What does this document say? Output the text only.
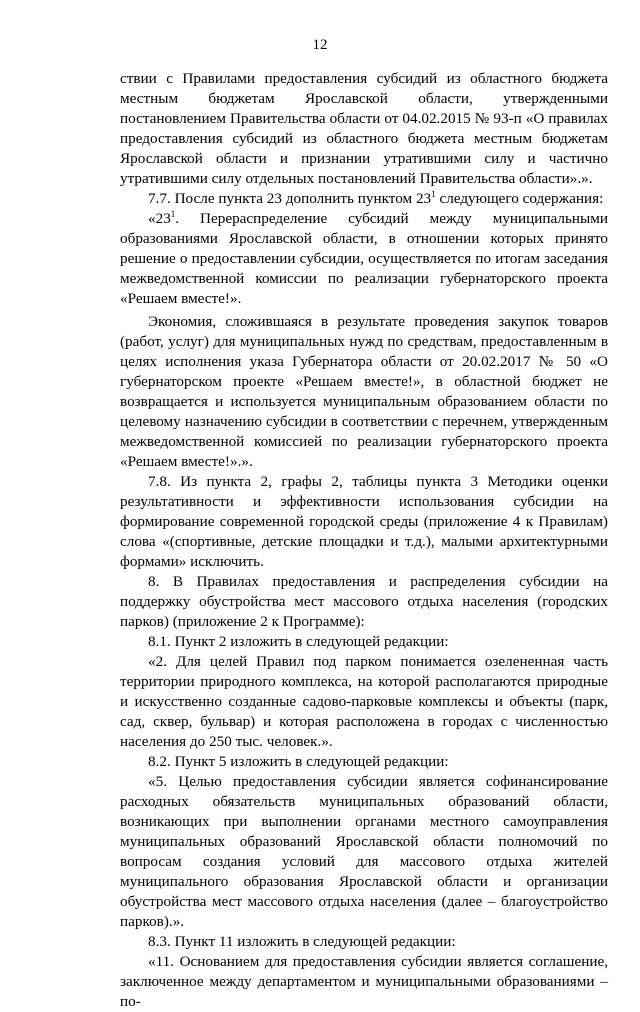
12

ствии с Правилами предоставления субсидий из областного бюджета местным бюджетам Ярославской области, утвержденными постановлением Правительства области от 04.02.2015 № 93-п «О правилах предоставления субсидий из областного бюджета местным бюджетам Ярославской области и признании утратившими силу и частично утратившими силу отдельных постановлений Правительства области».».

7.7. После пункта 23 дополнить пунктом $23^1$ следующего содержания:

«$23^1$. Перераспределение субсидий между муниципальными образованиями Ярославской области, в отношении которых принято решение о предоставлении субсидии, осуществляется по итогам заседания межведомственной комиссии по реализации губернаторского проекта «Решаем вместе!».

Экономия, сложившаяся в результате проведения закупок товаров (работ, услуг) для муниципальных нужд по средствам, предоставленным в целях исполнения указа Губернатора области от 20.02.2017 № 50 «О губернаторском проекте «Решаем вместе!», в областной бюджет не возвращается и используется муниципальным образованием области по целевому назначению субсидии в соответствии с перечнем, утвержденным межведомственной комиссией по реализации губернаторского проекта «Решаем вместе!».».

7.8. Из пункта 2, графы 2, таблицы пункта 3 Методики оценки результативности и эффективности использования субсидии на формирование современной городской среды (приложение 4 к Правилам) слова «(спортивные, детские площадки и т.д.), малыми архитектурными формами» исключить.

8. В Правилах предоставления и распределения субсидии на поддержку обустройства мест массового отдыха населения (городских парков) (приложение 2 к Программе):

8.1. Пункт 2 изложить в следующей редакции:

«2. Для целей Правил под парком понимается озелененная часть территории природного комплекса, на которой располагаются природные и искусственно созданные садово-парковые комплексы и объекты (парк, сад, сквер, бульвар) и которая расположена в городах с численностью населения до 250 тыс. человек.».

8.2. Пункт 5 изложить в следующей редакции:

«5. Целью предоставления субсидии является софинансирование расходных обязательств муниципальных образований области, возникающих при выполнении органами местного самоуправления муниципальных образований Ярославской области полномочий по вопросам создания условий для массового отдыха жителей муниципального образования Ярославской области и организации обустройства мест массового отдыха населения (далее – благоустройство парков).».

8.3. Пункт 11 изложить в следующей редакции:

«11. Основанием для предоставления субсидии является соглашение, заключенное между департаментом и муниципальными образованиями – по-
